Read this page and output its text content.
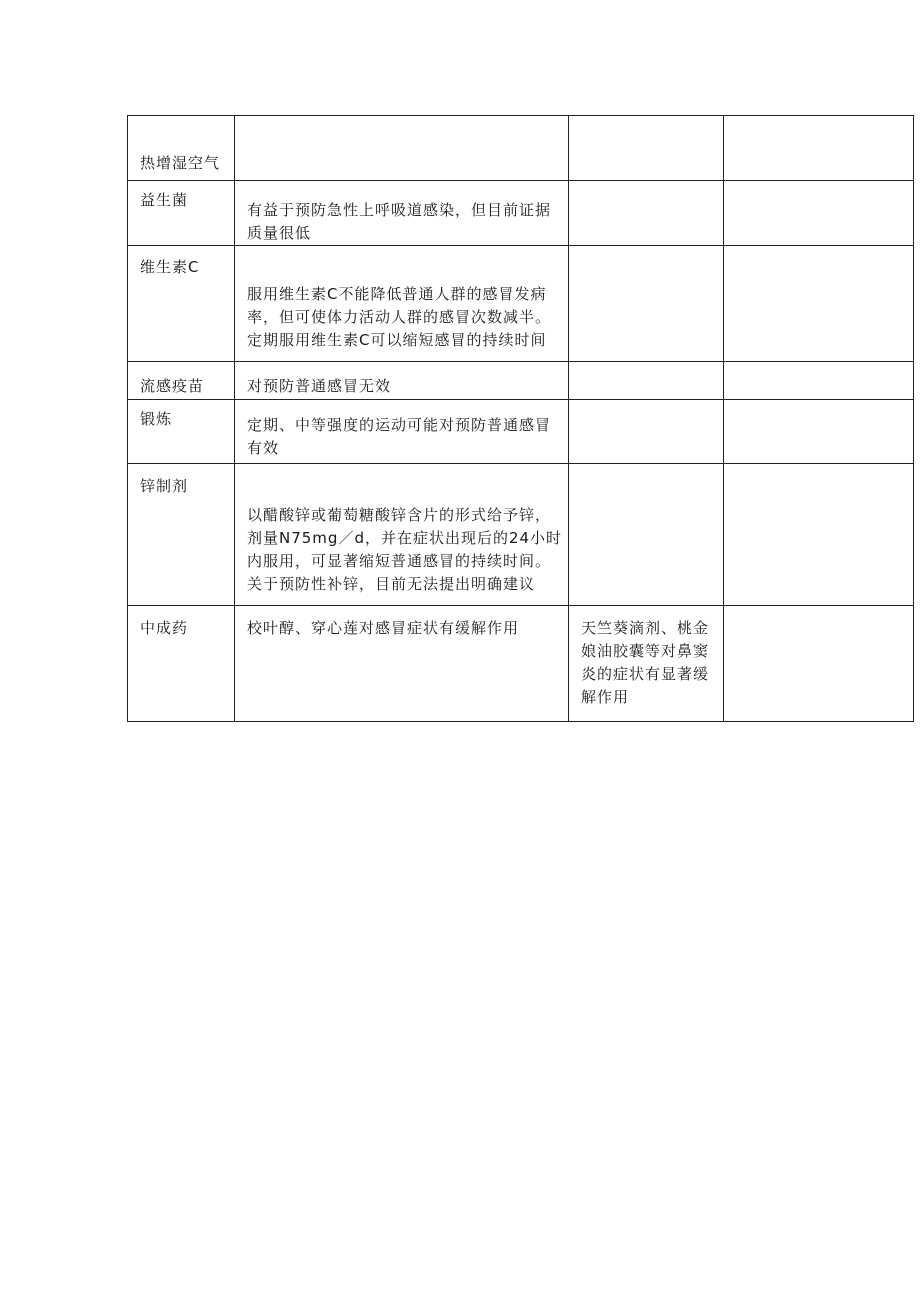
热增湿空气			

益生菌	有益于预防急性上呼吸道感染，但目前证据质量很低		

维生素C	服用维生素C不能降低普通人群的感冒发病率，但可使体力活动人群的感冒次数减半。定期服用维生素C可以缩短感冒的持续时间		

流感疫苗	对预防普通感冒无效		

锻炼	定期、中等强度的运动可能对预防普通感冒有效		

锌制剂	以醋酸锌或葡萄糖酸锌含片的形式给予锌，剂量N75mg／d，并在症状出现后的24小时内服用，可显著缩短普通感冒的持续时间。关于预防性补锌，目前无法提出明确建议		

中成药	校叶醇、穿心莲对感冒症状有缓解作用	天竺葵滴剂、桃金娘油胶囊等对鼻窦炎的症状有显著缓解作用	
